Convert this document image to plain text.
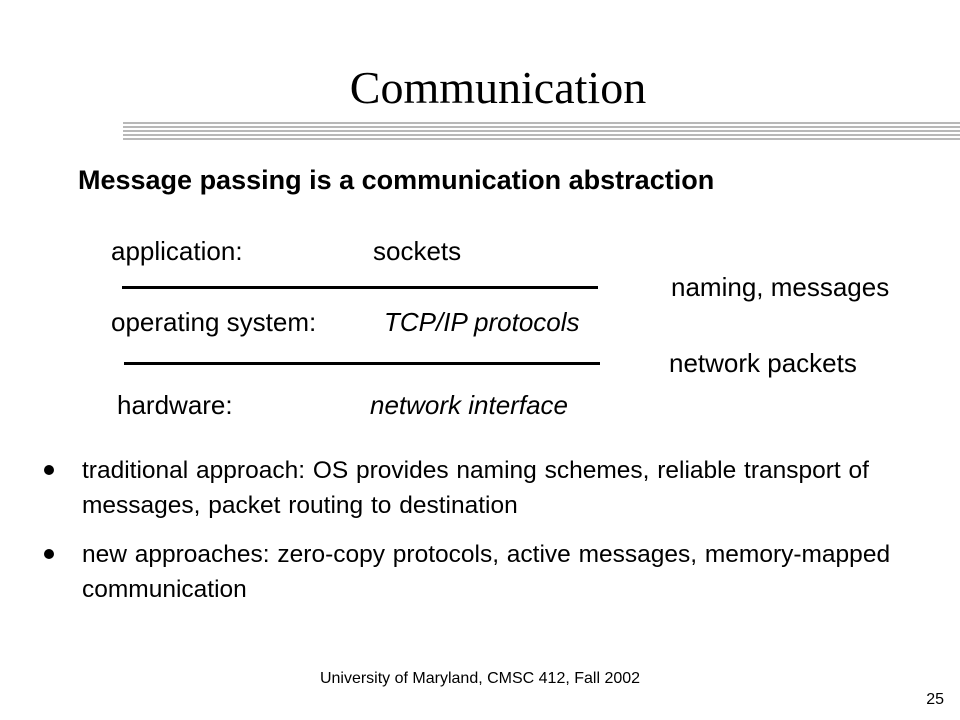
Communication
Message passing is a communication abstraction
application:	sockets
naming, messages
operating system:	TCP/IP protocols
network packets
hardware:	network interface
traditional approach: OS provides naming schemes, reliable transport of messages, packet routing to destination
new approaches: zero-copy protocols, active messages, memory-mapped communication
University of Maryland, CMSC 412, Fall 2002
25
